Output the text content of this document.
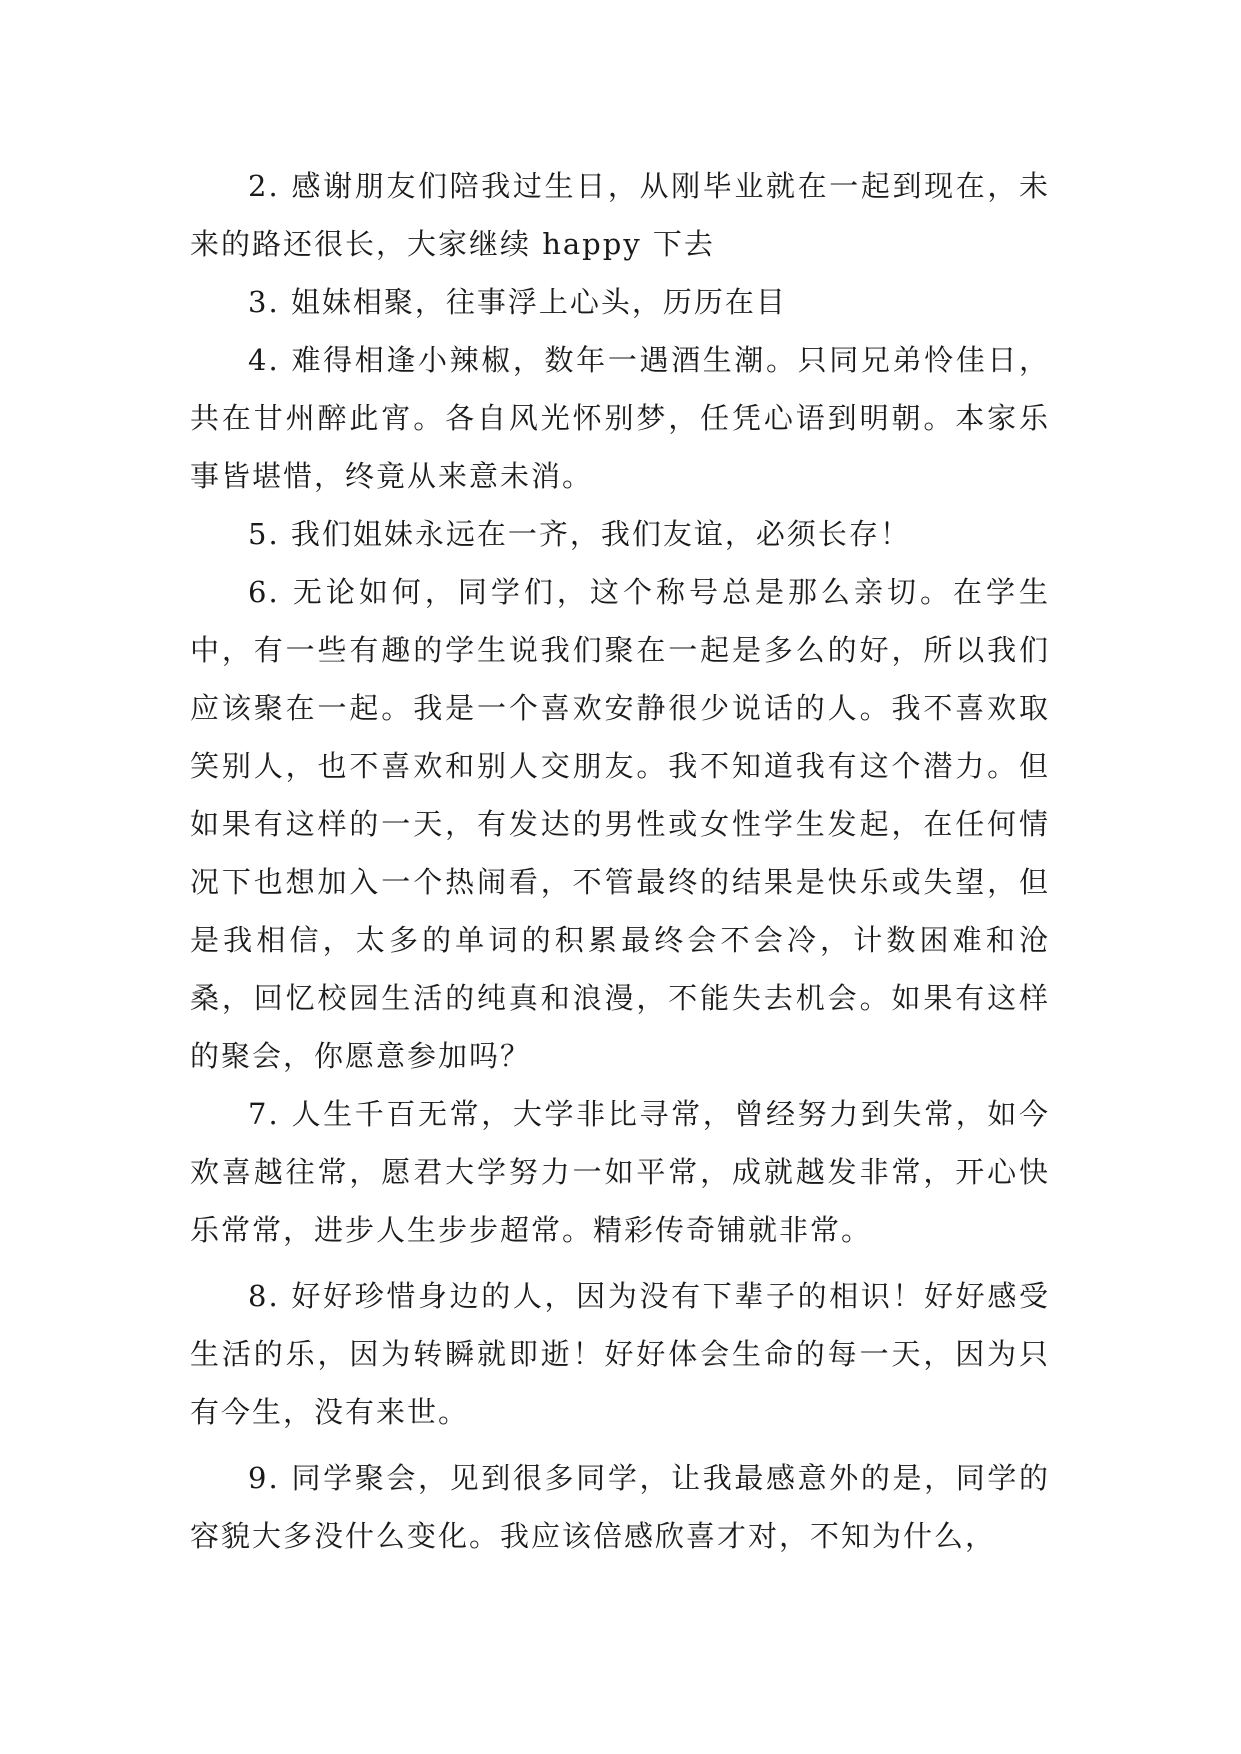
2. 感谢朋友们陪我过生日，从刚毕业就在一起到现在，未来的路还很长，大家继续 happy 下去

3. 姐妹相聚，往事浮上心头，历历在目

4. 难得相逢小辣椒，数年一遇酒生潮。只同兄弟怜佳日，共在甘州醉此宵。各自风光怀别梦，任凭心语到明朝。本家乐事皆堪惜，终竟从来意未消。

5. 我们姐妹永远在一齐，我们友谊，必须长存！

6. 无论如何，同学们，这个称号总是那么亲切。在学生中，有一些有趣的学生说我们聚在一起是多么的好，所以我们应该聚在一起。我是一个喜欢安静很少说话的人。我不喜欢取笑别人，也不喜欢和别人交朋友。我不知道我有这个潜力。但如果有这样的一天，有发达的男性或女性学生发起，在任何情况下也想加入一个热闹看，不管最终的结果是快乐或失望，但是我相信，太多的单词的积累最终会不会冷，计数困难和沧桑，回忆校园生活的纯真和浪漫，不能失去机会。如果有这样的聚会，你愿意参加吗？

7. 人生千百无常，大学非比寻常，曾经努力到失常，如今欢喜越往常，愿君大学努力一如平常，成就越发非常，开心快乐常常，进步人生步步超常。精彩传奇铺就非常。

8. 好好珍惜身边的人，因为没有下辈子的相识！好好感受生活的乐，因为转瞬就即逝！好好体会生命的每一天，因为只有今生，没有来世。

9. 同学聚会，见到很多同学，让我最感意外的是，同学的容貌大多没什么变化。我应该倍感欣喜才对，不知为什么，
